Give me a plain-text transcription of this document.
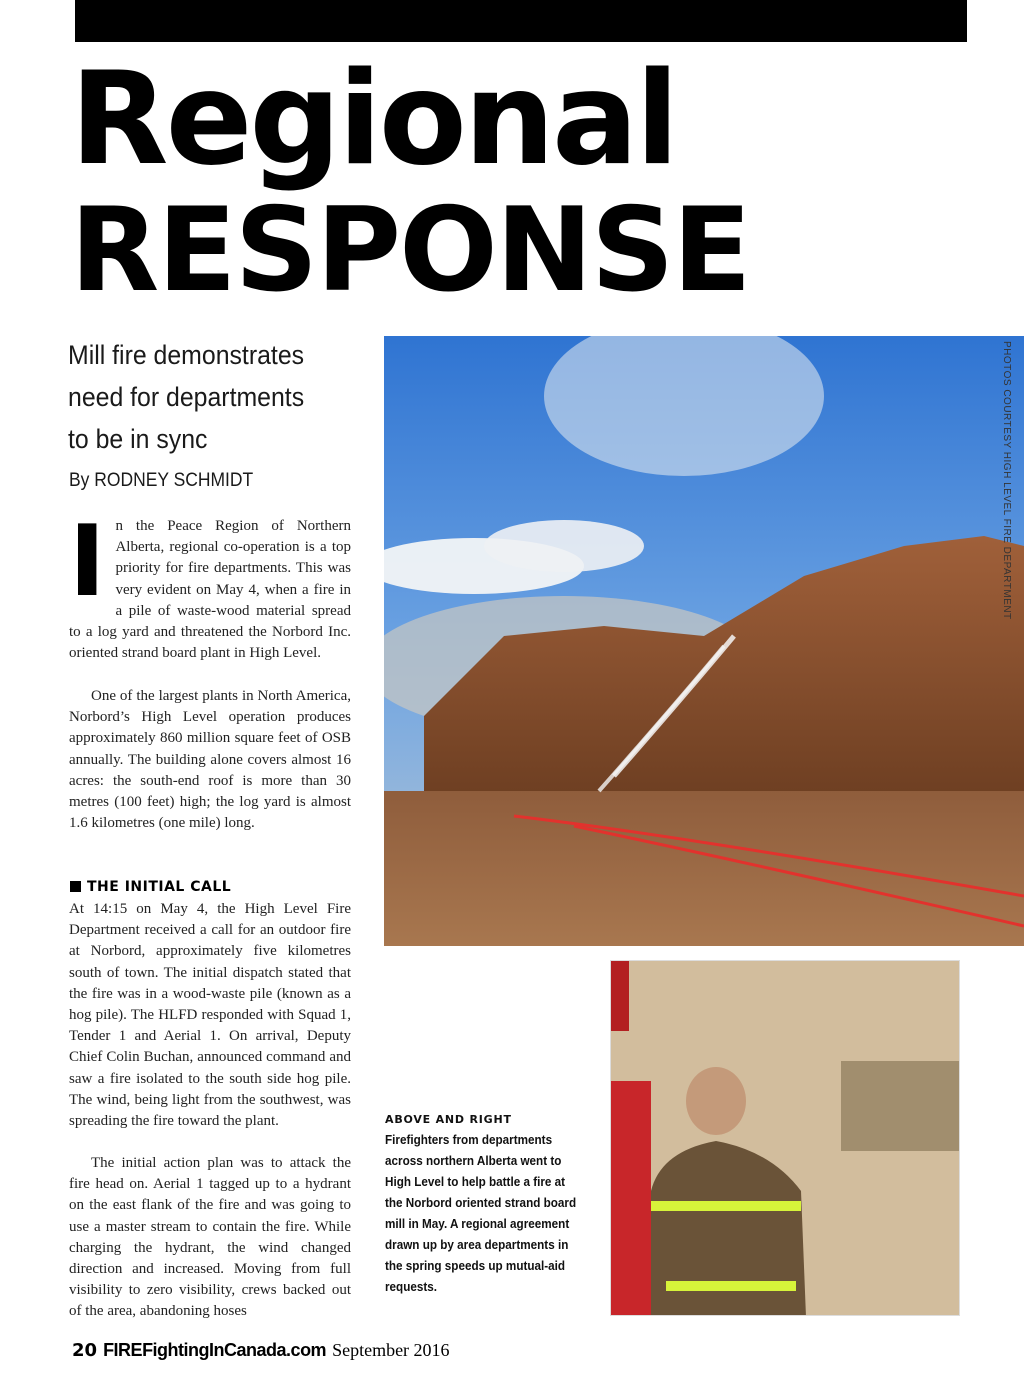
Regional
RESPONSE
Mill fire demonstrates
need for departments
to be in sync
By RODNEY SCHMIDT

In the Peace Region of Northern Alberta, regional co-operation is a top priority for fire departments. This was very evident on May 4, when a fire in a pile of waste-wood material spread to a log yard and threatened the Norbord Inc. oriented strand board plant in High Level.

One of the largest plants in North America, Norbord’s High Level operation produces approximately 860 million square feet of OSB annually. The building alone covers almost 16 acres: the south-end roof is more than 30 metres (100 feet) high; the log yard is almost 1.6 kilometres (one mile) long.

THE INITIAL CALL

At 14:15 on May 4, the High Level Fire Department received a call for an outdoor fire at Norbord, approximately five kilometres south of town. The initial dispatch stated that the fire was in a wood-waste pile (known as a hog pile). The HLFD responded with Squad 1, Tender 1 and Aerial 1. On arrival, Deputy Chief Colin Buchan, announced command and saw a fire isolated to the south side hog pile. The wind, being light from the southwest, was spreading the fire toward the plant.

The initial action plan was to attack the fire head on. Aerial 1 tagged up to a hydrant on the east flank of the fire and was going to use a master stream to contain the fire. While charging the hydrant, the wind changed direction and increased. Moving from full visibility to zero visibility, crews backed out of the area, abandoning hoses

PHOTOS COURTESY HIGH LEVEL FIRE DEPARTMENT
ABOVE AND RIGHT
Firefighters from departments across northern Alberta went to High Level to help battle a fire at the Norbord oriented strand board mill in May. A regional agreement drawn up by area departments in the spring speeds up mutual-aid requests.
20 FIREFightingInCanada.com September 2016
